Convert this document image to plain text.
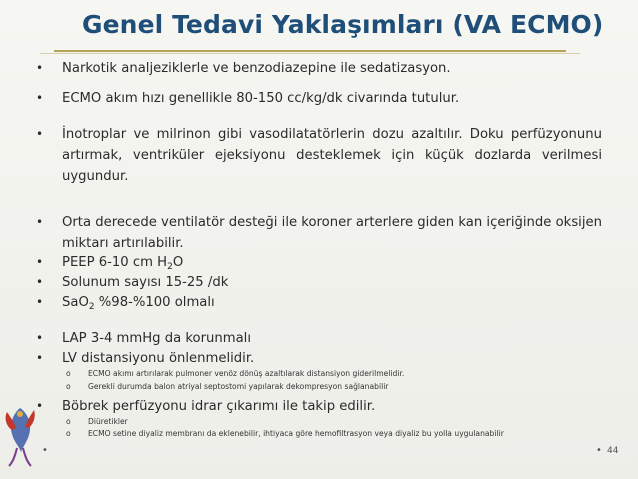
Genel Tedavi Yaklaşımları (VA ECMO)
• Narkotik analjeziklerle ve benzodiazepine ile sedatizasyon.
• ECMO akım hızı genellikle 80-150 cc/kg/dk civarında tutulur.
• İnotroplar ve milrinon gibi vasodilatatörlerin dozu azaltılır. Doku perfüzyonunu artırmak, ventriküler ejeksiyonu desteklemek için küçük dozlarda verilmesi uygundur.
• Orta derecede ventilatör desteği ile koroner arterlere giden kan içeriğinde oksijen miktarı artırılabilir.
• PEEP 6-10 cm $H_2O$
• Solunum sayısı 15-25 /dk
• SaO$_2$ %98-%100 olmalı
• LAP 3-4 mmHg da korunmalı
• LV distansiyonu önlenmelidir.
o ECMO akımı artırılarak pulmoner venöz dönüş azaltılarak distansiyon giderilmelidir.
o Gerekli durumda balon atriyal septostomi yapılarak dekompresyon sağlanabilir
• Böbrek perfüzyonu idrar çıkarımı ile takip edilir.
o Diüretikler
o ECMO setine diyaliz membranı da eklenebilir, ihtiyaca göre hemofiltrasyon veya diyaliz bu yolla uygulanabilir
•	• 44
